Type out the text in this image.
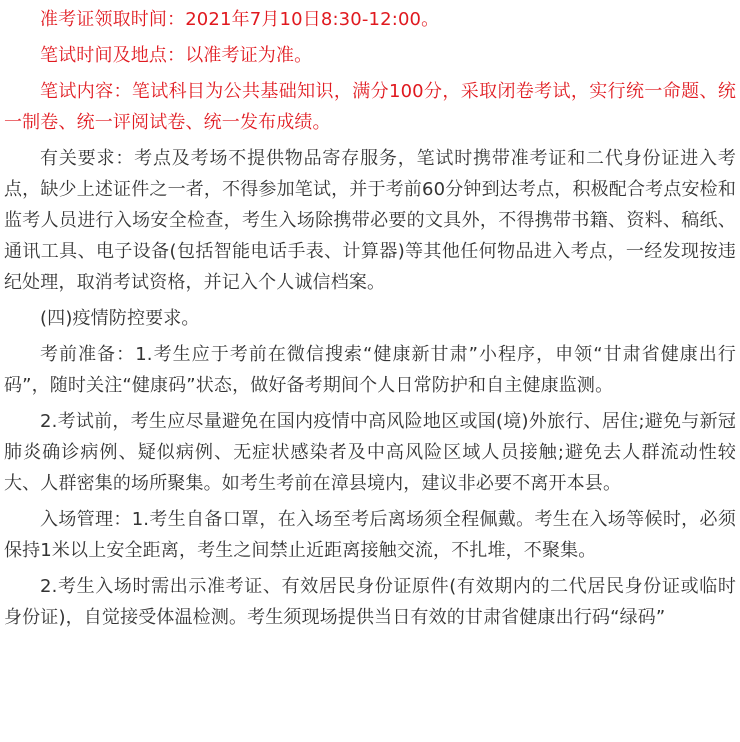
准考证领取时间：2021年7月10日8:30-12:00。

笔试时间及地点：以准考证为准。

笔试内容：笔试科目为公共基础知识，满分100分，采取闭卷考试，实行统一命题、统一制卷、统一评阅试卷、统一发布成绩。

有关要求：考点及考场不提供物品寄存服务，笔试时携带准考证和二代身份证进入考点，缺少上述证件之一者，不得参加笔试，并于考前60分钟到达考点，积极配合考点安检和监考人员进行入场安全检查，考生入场除携带必要的文具外，不得携带书籍、资料、稿纸、通讯工具、电子设备(包括智能电话手表、计算器)等其他任何物品进入考点，一经发现按违纪处理，取消考试资格，并记入个人诚信档案。

(四)疫情防控要求。

考前准备：1.考生应于考前在微信搜索“健康新甘肃”小程序，申领“甘肃省健康出行码”，随时关注“健康码”状态，做好备考期间个人日常防护和自主健康监测。

2.考试前，考生应尽量避免在国内疫情中高风险地区或国(境)外旅行、居住;避免与新冠肺炎确诊病例、疑似病例、无症状感染者及中高风险区域人员接触;避免去人群流动性较大、人群密集的场所聚集。如考生考前在漳县境内，建议非必要不离开本县。

入场管理：1.考生自备口罩，在入场至考后离场须全程佩戴。考生在入场等候时，必须保持1米以上安全距离，考生之间禁止近距离接触交流，不扎堆，不聚集。

2.考生入场时需出示准考证、有效居民身份证原件(有效期内的二代居民身份证或临时身份证)，自觉接受体温检测。考生须现场提供当日有效的甘肃省健康出行码“绿码”
